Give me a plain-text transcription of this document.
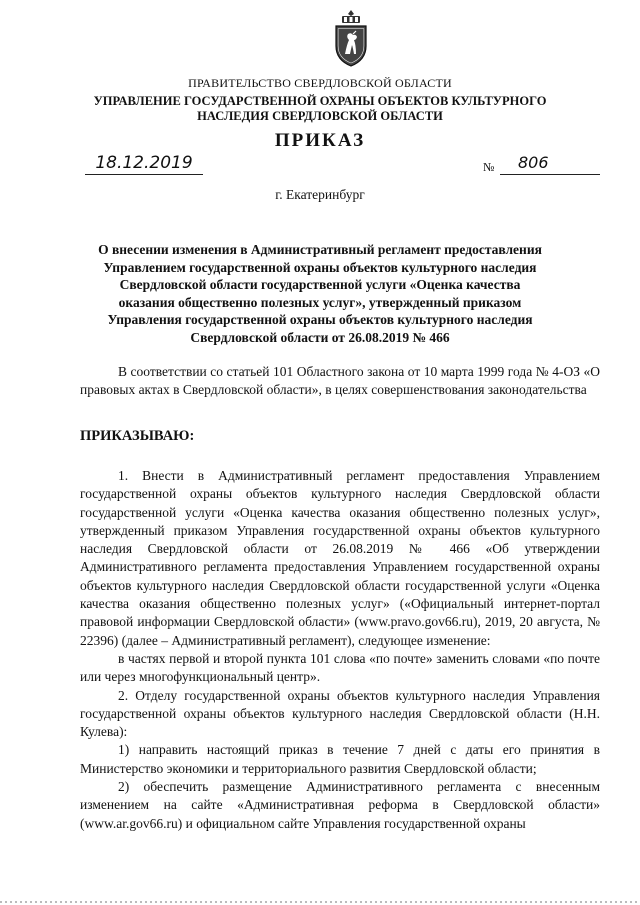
ПРАВИТЕЛЬСТВО СВЕРДЛОВСКОЙ ОБЛАСТИ
УПРАВЛЕНИЕ ГОСУДАРСТВЕННОЙ ОХРАНЫ ОБЪЕКТОВ КУЛЬТУРНОГО НАСЛЕДИЯ СВЕРДЛОВСКОЙ ОБЛАСТИ
ПРИКАЗ
18.12.2019	№	806
г. Екатеринбург
О внесении изменения в Административный регламент предоставления Управлением государственной охраны объектов культурного наследия Свердловской области государственной услуги «Оценка качества оказания общественно полезных услуг», утвержденный приказом Управления государственной охраны объектов культурного наследия Свердловской области от 26.08.2019 № 466

В соответствии со статьей 101 Областного закона от 10 марта 1999 года № 4-ОЗ «О правовых актах в Свердловской области», в целях совершенствования законодательства

ПРИКАЗЫВАЮ:

1. Внести в Административный регламент предоставления Управлением государственной охраны объектов культурного наследия Свердловской области государственной услуги «Оценка качества оказания общественно полезных услуг», утвержденный приказом Управления государственной охраны объектов культурного наследия Свердловской области от 26.08.2019 № 466 «Об утверждении Административного регламента предоставления Управлением государственной охраны объектов культурного наследия Свердловской области государственной услуги «Оценка качества оказания общественно полезных услуг» («Официальный интернет-портал правовой информации Свердловской области» (www.pravo.gov66.ru), 2019, 20 августа, № 22396) (далее – Административный регламент), следующее изменение:

в частях первой и второй пункта 101 слова «по почте» заменить словами «по почте или через многофункциональный центр».

2. Отделу государственной охраны объектов культурного наследия Управления государственной охраны объектов культурного наследия Свердловской области (Н.Н. Кулева):

1) направить настоящий приказ в течение 7 дней с даты его принятия в Министерство экономики и территориального развития Свердловской области;

2) обеспечить размещение Административного регламента с внесенным изменением на сайте «Административная реформа в Свердловской области» (www.ar.gov66.ru) и официальном сайте Управления государственной охраны
